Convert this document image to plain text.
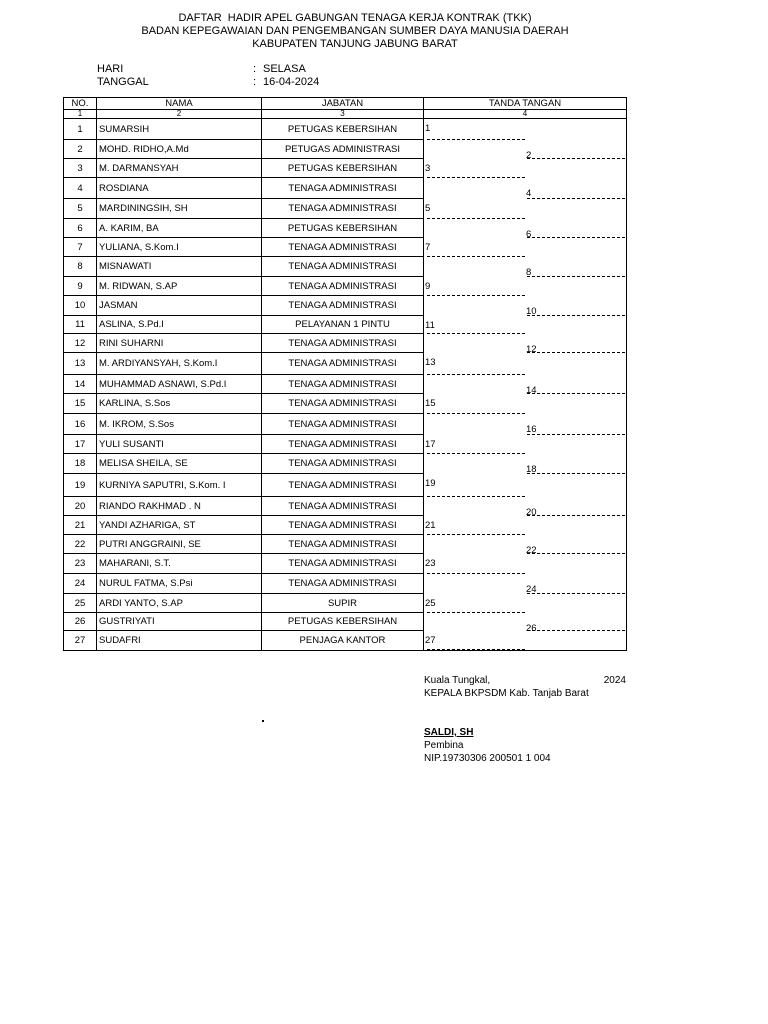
DAFTAR  HADIR APEL GABUNGAN TENAGA KERJA KONTRAK (TKK)
BADAN KEPEGAWAIAN DAN PENGEMBANGAN SUMBER DAYA MANUSIA DAERAH
KABUPATEN TANJUNG JABUNG BARAT
HARI	: SELASA
TANGGAL	: 16-04-2024
NO.	NAMA	JABATAN	TANDA TANGAN
1	2	3	4
1	SUMARSIH	PETUGAS KEBERSIHAN	1

2	MOHD. RIDHO,A.Md	PETUGAS ADMINISTRASI	2

3	M. DARMANSYAH	PETUGAS KEBERSIHAN	3

4	ROSDIANA	TENAGA ADMINISTRASI	4

5	MARDININGSIH, SH	TENAGA ADMINISTRASI	5

6	A. KARIM, BA	PETUGAS KEBERSIHAN	6

7	YULIANA, S.Kom.I	TENAGA ADMINISTRASI	7

8	MISNAWATI	TENAGA ADMINISTRASI	8

9	M. RIDWAN, S.AP	TENAGA ADMINISTRASI	9

10	JASMAN	TENAGA ADMINISTRASI	10

11	ASLINA, S.Pd.I	PELAYANAN 1 PINTU	11

12	RINI SUHARNI	TENAGA ADMINISTRASI	12

13	M. ARDIYANSYAH, S.Kom.I	TENAGA ADMINISTRASI	13

14	MUHAMMAD ASNAWI, S.Pd.I	TENAGA ADMINISTRASI	14

15	KARLINA, S.Sos	TENAGA ADMINISTRASI	15

16	M. IKROM, S.Sos	TENAGA ADMINISTRASI	16

17	YULI SUSANTI	TENAGA ADMINISTRASI	17

18	MELISA SHEILA, SE	TENAGA ADMINISTRASI	18

19	KURNIYA SAPUTRI, S.Kom. I	TENAGA ADMINISTRASI	19

20	RIANDO RAKHMAD . N	TENAGA ADMINISTRASI	20

21	YANDI AZHARIGA, ST	TENAGA ADMINISTRASI	21

22	PUTRI ANGGRAINI, SE	TENAGA ADMINISTRASI	22

23	MAHARANI, S.T.	TENAGA ADMINISTRASI	23

24	NURUL FATMA, S.Psi	TENAGA ADMINISTRASI	24

25	ARDI YANTO, S.AP	SUPIR	25

26	GUSTRIYATI	PETUGAS KEBERSIHAN	26

27	SUDAFRI	PENJAGA KANTOR	27
Kuala Tungkal,	2024
KEPALA BKPSDM Kab. Tanjab Barat
SALDI, SH
Pembina
NIP.19730306 200501 1 004
